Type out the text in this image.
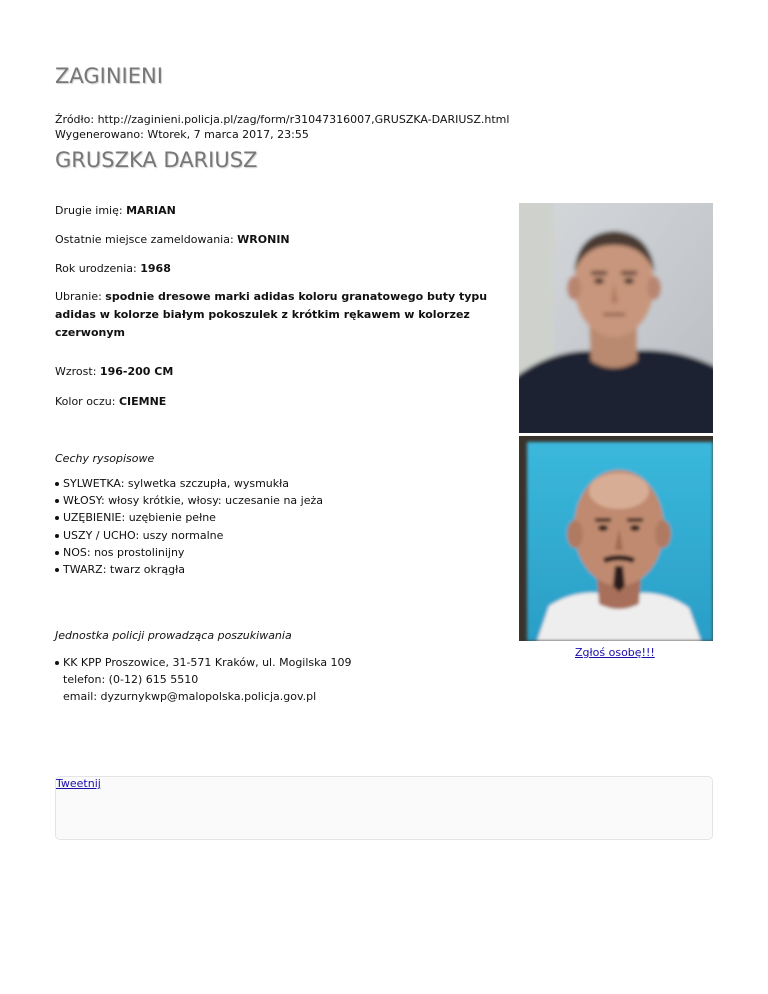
ZAGINIENI
Źródło: http://zaginieni.policja.pl/zag/form/r31047316007,GRUSZKA-DARIUSZ.html
Wygenerowano: Wtorek, 7 marca 2017, 23:55
GRUSZKA DARIUSZ
Drugie imię: MARIAN
Ostatnie miejsce zameldowania: WRONIN
Rok urodzenia: 1968
Ubranie: spodnie dresowe marki adidas koloru granatowego buty typu adidas w kolorze białym pokoszulek z krótkim rękawem w kolorzez czerwonym
Wzrost: 196-200 CM
Kolor oczu: CIEMNE
Cechy rysopisowe
SYLWETKA: sylwetka szczupła, wysmukła
WŁOSY: włosy krótkie, włosy: uczesanie na jeża
UZĘBIENIE: uzębienie pełne
USZY / UCHO: uszy normalne
NOS: nos prostolinijny
TWARZ: twarz okrągła
Jednostka policji prowadząca poszukiwania
KK KPP Proszowice, 31-571 Kraków, ul. Mogilska 109
telefon: (0-12) 615 5510
email: dyzurnykwp@malopolska.policja.gov.pl
Zgłoś osobę!!!
Tweetnij
